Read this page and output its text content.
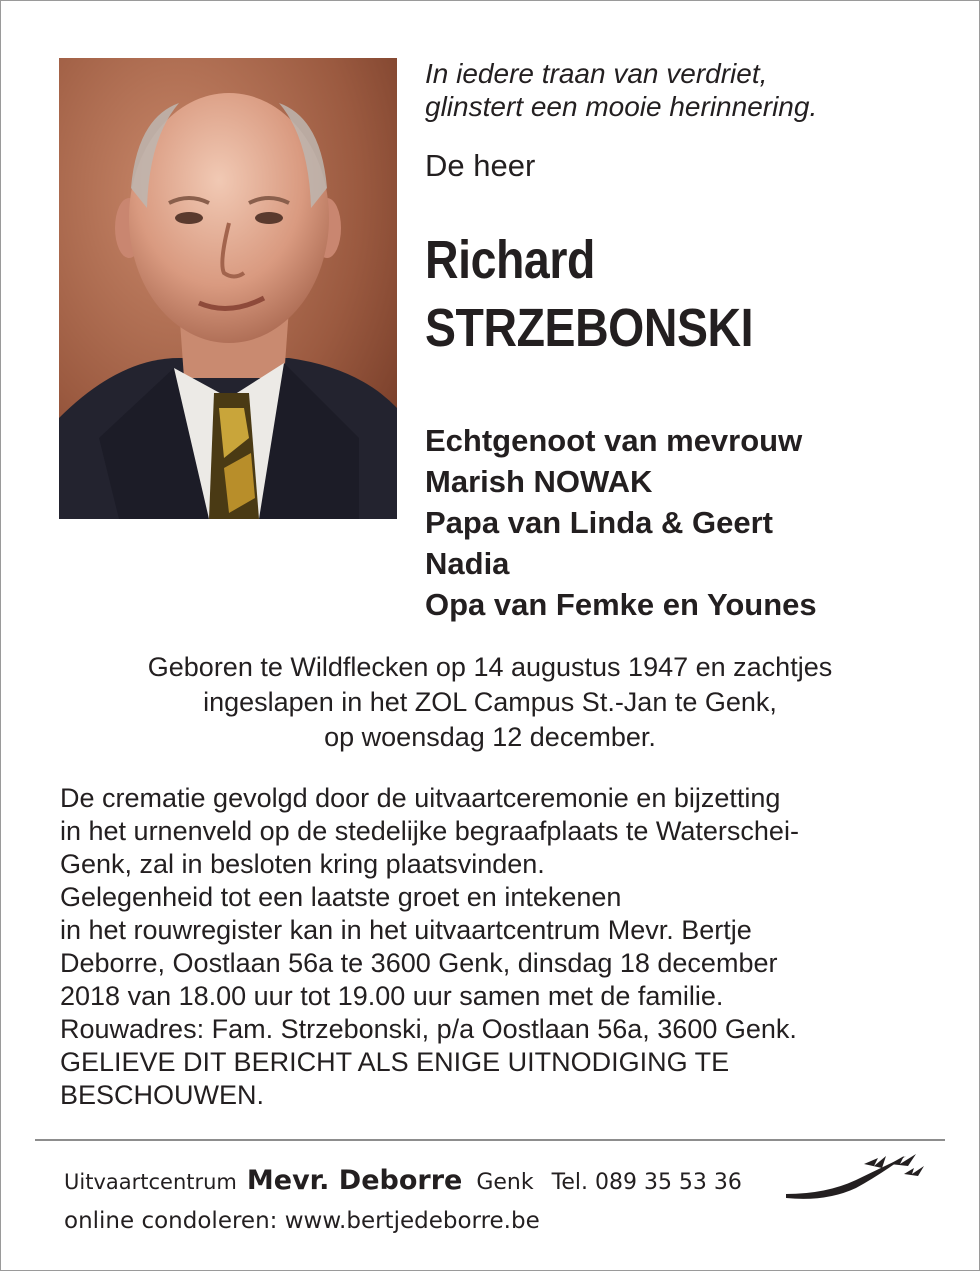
In iedere traan van verdriet,
glinstert een mooie herinnering.
De heer
Richard
STRZEBONSKI
Echtgenoot van mevrouw
Marish NOWAK
Papa van Linda & Geert
Nadia
Opa van Femke en Younes
Geboren te Wildflecken op 14 augustus 1947 en zachtjes
ingeslapen in het ZOL Campus St.-Jan te Genk,
op woensdag 12 december.
De crematie gevolgd door de uitvaartceremonie en bijzetting
in het urnenveld op de stedelijke begraafplaats te Waterschei-
Genk, zal in besloten kring plaatsvinden.
Gelegenheid tot een laatste groet en intekenen
in het rouwregister kan in het uitvaartcentrum Mevr. Bertje
Deborre, Oostlaan 56a te 3600 Genk, dinsdag 18 december
2018 van 18.00 uur tot 19.00 uur samen met de familie.
Rouwadres: Fam. Strzebonski, p/a Oostlaan 56a, 3600 Genk.
GELIEVE DIT BERICHT ALS ENIGE UITNODIGING TE
BESCHOUWEN.
Uitvaartcentrum Mevr. Deborre Genk Tel. 089 35 53 36
online condoleren: www.bertjedeborre.be
